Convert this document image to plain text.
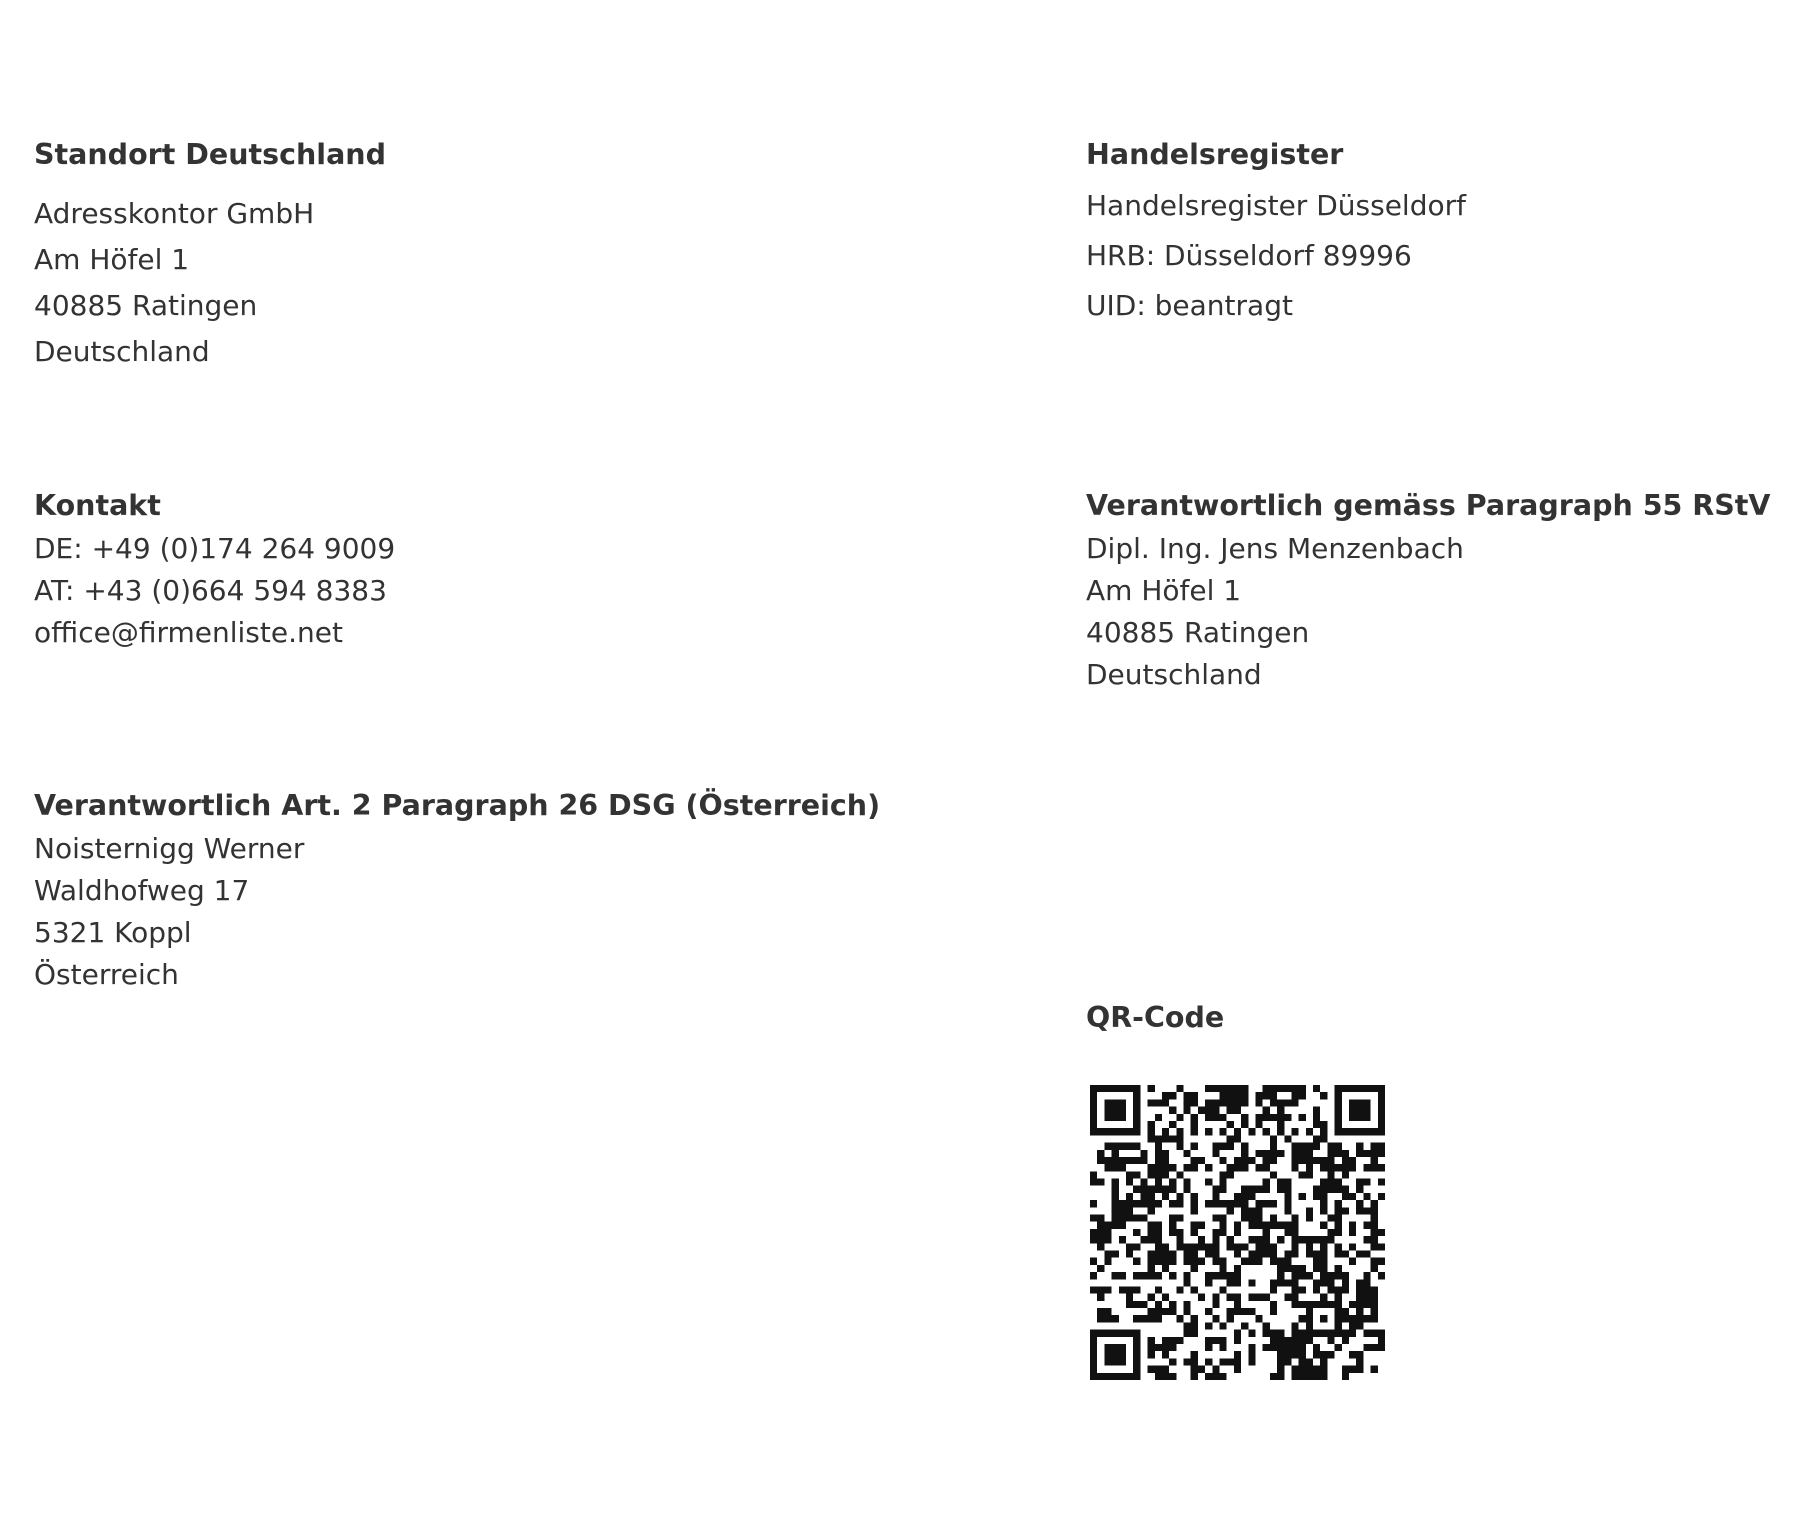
Standort Deutschland
Adresskontor GmbH
Am Höfel 1
40885 Ratingen
Deutschland
Handelsregister
Handelsregister Düsseldorf
HRB: Düsseldorf 89996
UID: beantragt
Kontakt
DE: +49 (0)174 264 9009
AT: +43 (0)664 594 8383
office@firmenliste.net
Verantwortlich gemäss Paragraph 55 RStV
Dipl. Ing. Jens Menzenbach
Am Höfel 1
40885 Ratingen
Deutschland
Verantwortlich Art. 2 Paragraph 26 DSG (Österreich)
Noisternigg Werner
Waldhofweg 17
5321 Koppl
Österreich
QR-Code
